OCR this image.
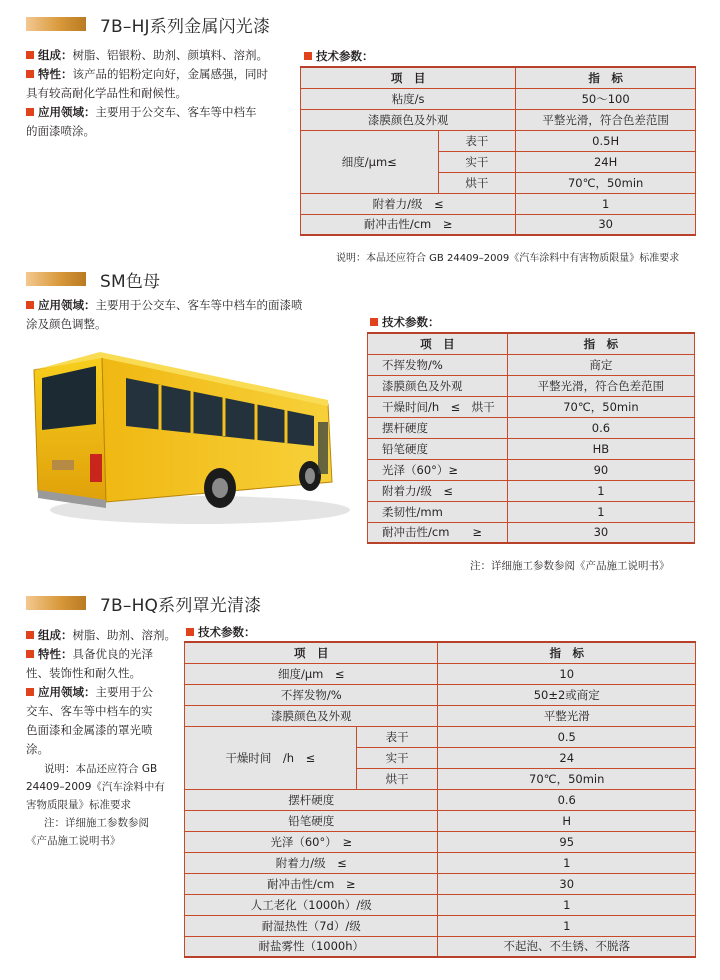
7B–HJ系列金属闪光漆
组成：树脂、铝银粉、助剂、颜填料、溶剂。
特性：该产品的铝粉定向好，金属感强，同时
具有较高耐化学品性和耐候性。
应用领域：主要用于公交车、客车等中档车
的面漆喷涂。
技术参数：
项　目		指　标
粘度/s		50～100
漆膜颜色及外观		平整光滑，符合色差范围
细度/μm≤	表干	0.5H
	实干	24H
	烘干	70℃，50min
附着力/级　≤		1
耐冲击性/cm　≥		30
说明：本品还应符合 GB 24409–2009《汽车涂料中有害物质限量》标准要求
SM色母
应用领域：主要用于公交车、客车等中档车的面漆喷
涂及颜色调整。	技术参数：
项　目	指　标
不挥发物/%	商定
漆膜颜色及外观	平整光滑，符合色差范围
干燥时间/h　≤　烘干	70℃，50min
摆杆硬度	0.6
铅笔硬度	HB
光泽（60°）≥	90
附着力/级　≤	1
柔韧性/mm	1
耐冲击性/cm　　≥	30
注：详细施工参数参阅《产品施工说明书》
7B–HQ系列罩光清漆
组成：树脂、助剂、溶剂。
特性：具备优良的光泽
性、装饰性和耐久性。
应用领域：主要用于公
交车、客车等中档车的实
色面漆和金属漆的罩光喷
涂。
说明：本品还应符合 GB
24409–2009《汽车涂料中有
害物质限量》标准要求
注：详细施工参数参阅
《产品施工说明书》
技术参数：
项　目		指　标
细度/μm　≤		10
不挥发物/%		50±2或商定
漆膜颜色及外观		平整光滑
干燥时间　/h　≤	表干	0.5
	实干	24
	烘干	70℃，50min
摆杆硬度		0.6
铅笔硬度		H
光泽（60°）　≥		95
附着力/级　≤		1
耐冲击性/cm　≥		30
人工老化（1000h）/级		1
耐湿热性（7d）/级		1
耐盐雾性（1000h）		不起泡、不生锈、不脱落
